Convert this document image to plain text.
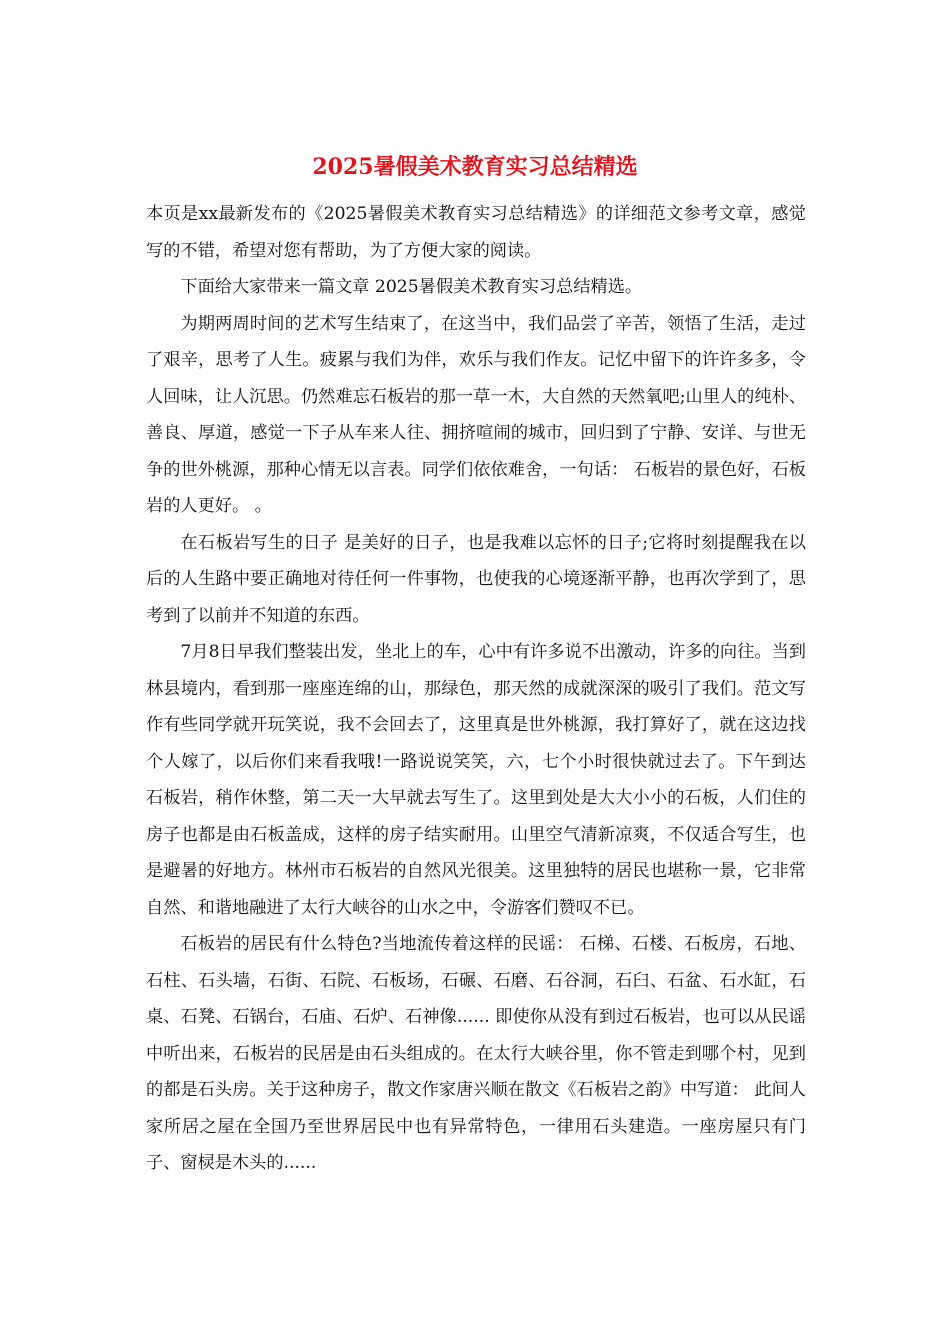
2025暑假美术教育实习总结精选

本页是xx最新发布的《2025暑假美术教育实习总结精选》的详细范文参考文章，感觉写的不错，希望对您有帮助，为了方便大家的阅读。

下面给大家带来一篇文章 2025暑假美术教育实习总结精选。

为期两周时间的艺术写生结束了，在这当中，我们品尝了辛苦，领悟了生活，走过了艰辛，思考了人生。疲累与我们为伴，欢乐与我们作友。记忆中留下的许许多多，令人回味，让人沉思。仍然难忘石板岩的那一草一木，大自然的天然氧吧;山里人的纯朴、善良、厚道，感觉一下子从车来人往、拥挤喧闹的城市，回归到了宁静、安详、与世无争的世外桃源，那种心情无以言表。同学们依依难舍，一句话： 石板岩的景色好，石板岩的人更好。 。

在石板岩写生的日子 是美好的日子，也是我难以忘怀的日子;它将时刻提醒我在以后的人生路中要正确地对待任何一件事物，也使我的心境逐渐平静，也再次学到了，思考到了以前并不知道的东西。

7月8日早我们整装出发，坐北上的车，心中有许多说不出激动，许多的向往。当到林县境内，看到那一座座连绵的山，那绿色，那天然的成就深深的吸引了我们。范文写作有些同学就开玩笑说，我不会回去了，这里真是世外桃源，我打算好了，就在这边找个人嫁了，以后你们来看我哦!一路说说笑笑，六，七个小时很快就过去了。下午到达石板岩，稍作休整，第二天一大早就去写生了。这里到处是大大小小的石板，人们住的房子也都是由石板盖成，这样的房子结实耐用。山里空气清新凉爽，不仅适合写生，也是避暑的好地方。林州市石板岩的自然风光很美。这里独特的居民也堪称一景，它非常自然、和谐地融进了太行大峡谷的山水之中，令游客们赞叹不已。

石板岩的居民有什么特色?当地流传着这样的民谣： 石梯、石楼、石板房，石地、石柱、石头墙，石街、石院、石板场，石碾、石磨、石谷洞，石臼、石盆、石水缸，石桌、石凳、石锅台，石庙、石炉、石神像...... 即使你从没有到过石板岩，也可以从民谣中听出来，石板岩的民居是由石头组成的。在太行大峡谷里，你不管走到哪个村，见到的都是石头房。关于这种房子，散文作家唐兴顺在散文《石板岩之韵》中写道： 此间人家所居之屋在全国乃至世界居民中也有异常特色，一律用石头建造。一座房屋只有门子、窗棂是木头的......
